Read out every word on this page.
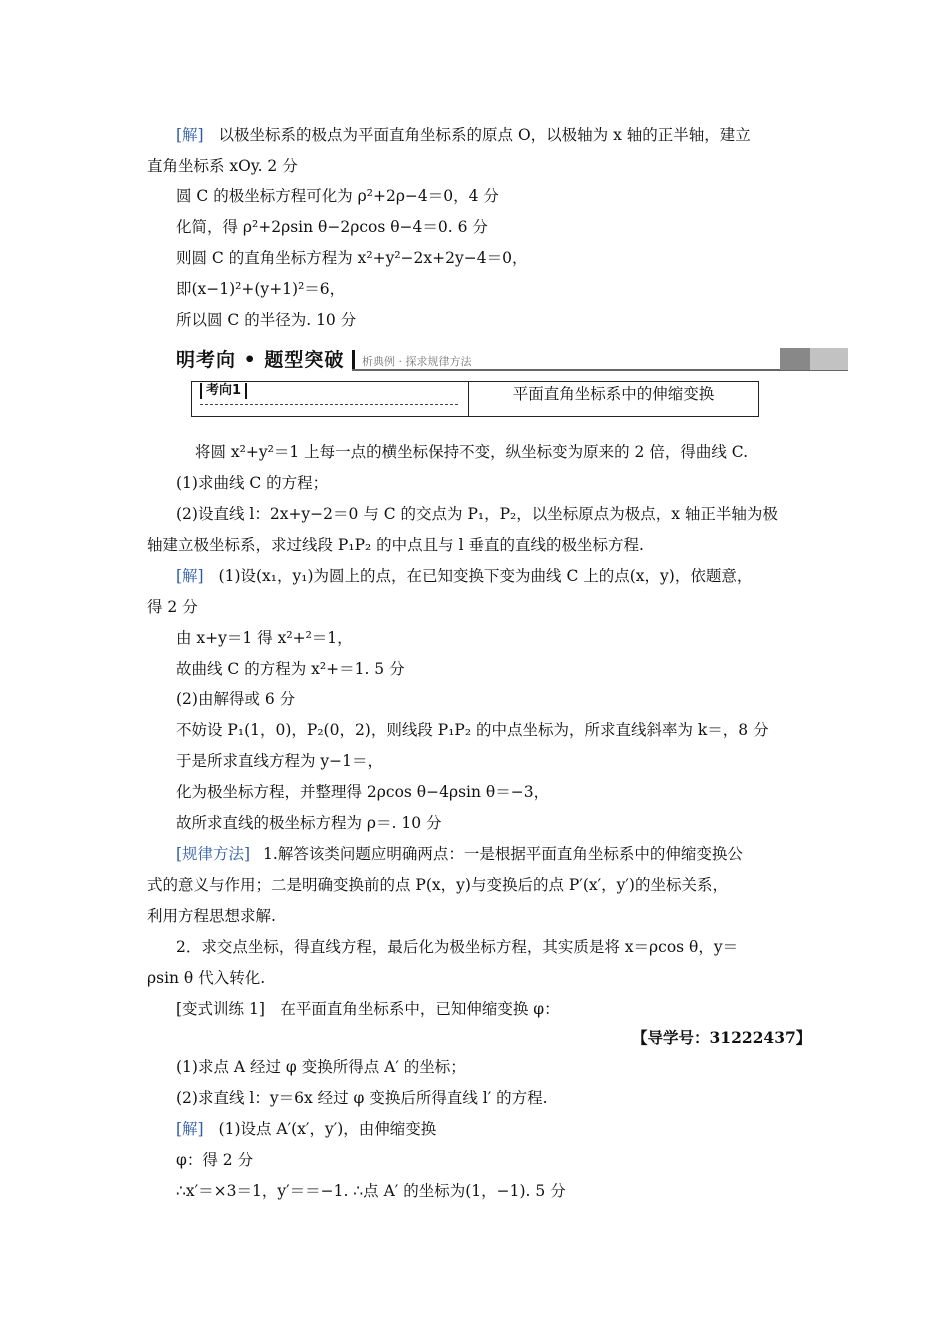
[解] 以极坐标系的极点为平面直角坐标系的原点 O，以极轴为 x 轴的正半轴，建立
直角坐标系 xOy. 2 分
圆 C 的极坐标方程可化为 ρ²+2ρ−4＝0，4 分
化简，得 ρ²+2ρsin θ−2ρcos θ−4＝0. 6 分
则圆 C 的直角坐标方程为 x²+y²−2x+2y−4＝0，
即(x−1)²+(y+1)²＝6，
所以圆 C 的半径为. 10 分
明考向 • 题型突破 析典例 · 探求规律方法
考向1	平面直角坐标系中的伸缩变换
将圆 x²+y²＝1 上每一点的横坐标保持不变，纵坐标变为原来的 2 倍，得曲线 C.
(1)求曲线 C 的方程；
(2)设直线 l：2x+y−2＝0 与 C 的交点为 P₁，P₂，以坐标原点为极点，x 轴正半轴为极
轴建立极坐标系，求过线段 P₁P₂ 的中点且与 l 垂直的直线的极坐标方程.
[解] (1)设(x₁，y₁)为圆上的点，在已知变换下变为曲线 C 上的点(x，y)，依题意，
得 2 分
由 x+y＝1 得 x²+²＝1，
故曲线 C 的方程为 x²+＝1. 5 分
(2)由解得或 6 分
不妨设 P₁(1，0)，P₂(0，2)，则线段 P₁P₂ 的中点坐标为，所求直线斜率为 k＝，8 分
于是所求直线方程为 y−1＝，
化为极坐标方程，并整理得 2ρcos θ−4ρsin θ＝−3，
故所求直线的极坐标方程为 ρ＝. 10 分
[规律方法] 1.解答该类问题应明确两点：一是根据平面直角坐标系中的伸缩变换公
式的意义与作用；二是明确变换前的点 P(x，y)与变换后的点 P′(x′，y′)的坐标关系，
利用方程思想求解.
2．求交点坐标，得直线方程，最后化为极坐标方程，其实质是将 x＝ρcos θ，y＝
ρsin θ 代入转化.
[变式训练 1]　在平面直角坐标系中，已知伸缩变换 φ：
【导学号：31222437】
(1)求点 A 经过 φ 变换所得点 A′ 的坐标；
(2)求直线 l：y＝6x 经过 φ 变换后所得直线 l′ 的方程.
[解] (1)设点 A′(x′，y′)，由伸缩变换
φ：得 2 分
∴x′＝×3＝1，y′＝＝−1. ∴点 A′ 的坐标为(1，−1). 5 分
